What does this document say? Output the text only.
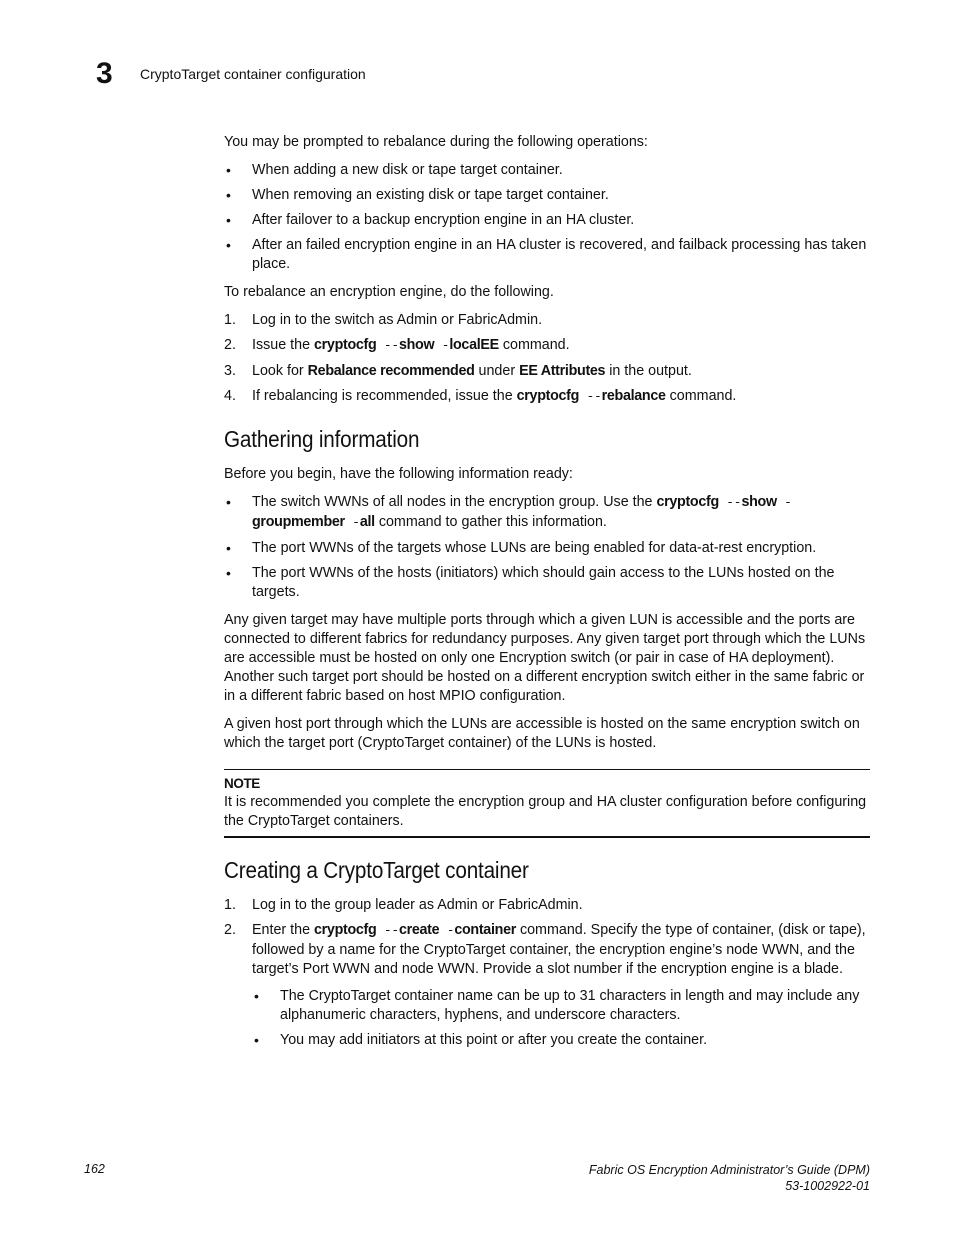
3 CryptoTarget container configuration

You may be prompted to rebalance during the following operations:

• When adding a new disk or tape target container.
• When removing an existing disk or tape target container.
• After failover to a backup encryption engine in an HA cluster.
• After an failed encryption engine in an HA cluster is recovered, and failback processing has taken place.

To rebalance an encryption engine, do the following.

1. Log in to the switch as Admin or FabricAdmin.
2. Issue the cryptocfg --show -localEE command.
3. Look for Rebalance recommended under EE Attributes in the output.
4. If rebalancing is recommended, issue the cryptocfg --rebalance command.
Gathering information

Before you begin, have the following information ready:

• The switch WWNs of all nodes in the encryption group. Use the cryptocfg --show -groupmember -all command to gather this information.
• The port WWNs of the targets whose LUNs are being enabled for data-at-rest encryption.
• The port WWNs of the hosts (initiators) which should gain access to the LUNs hosted on the targets.

Any given target may have multiple ports through which a given LUN is accessible and the ports are connected to different fabrics for redundancy purposes. Any given target port through which the LUNs are accessible must be hosted on only one Encryption switch (or pair in case of HA deployment). Another such target port should be hosted on a different encryption switch either in the same fabric or in a different fabric based on host MPIO configuration.

A given host port through which the LUNs are accessible is hosted on the same encryption switch on which the target port (CryptoTarget container) of the LUNs is hosted.

NOTE
It is recommended you complete the encryption group and HA cluster configuration before configuring the CryptoTarget containers.
Creating a CryptoTarget container
1. Log in to the group leader as Admin or FabricAdmin.
2. Enter the cryptocfg --create -container command. Specify the type of container, (disk or tape), followed by a name for the CryptoTarget container, the encryption engine’s node WWN, and the target’s Port WWN and node WWN. Provide a slot number if the encryption engine is a blade.
• The CryptoTarget container name can be up to 31 characters in length and may include any alphanumeric characters, hyphens, and underscore characters.
• You may add initiators at this point or after you create the container.
162	Fabric OS Encryption Administrator’s Guide (DPM)
53-1002922-01
